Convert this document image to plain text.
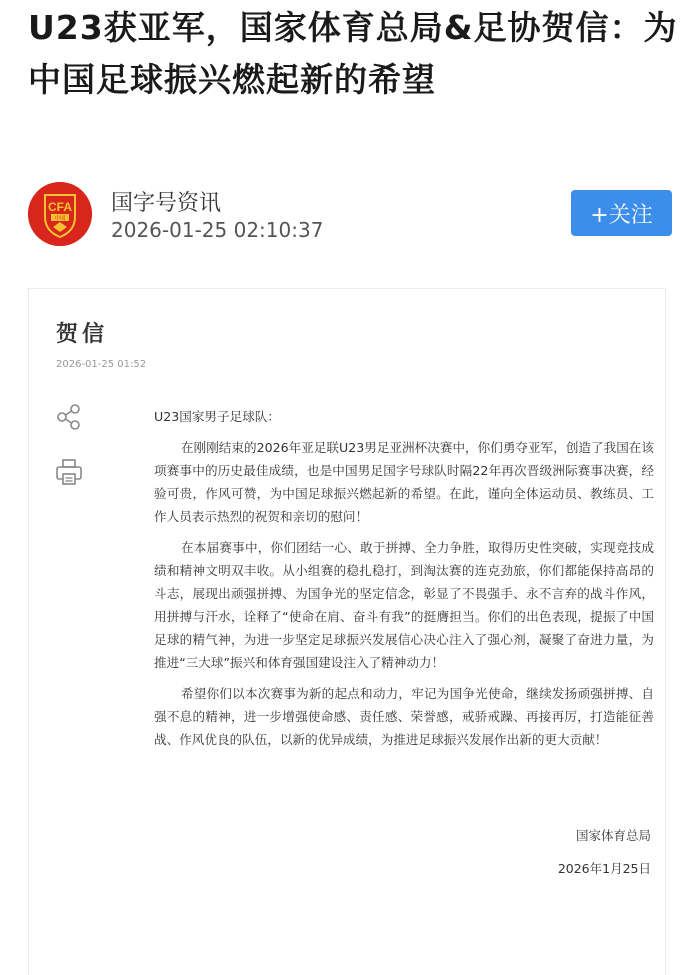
U23获亚军，国家体育总局&足协贺信：为中国足球振兴燃起新的希望
CFA
中国
国字号资讯
2026-01-25 02:10:37
+关注
贺信
2026-01-25 01:52

U23国家男子足球队：

在刚刚结束的2026年亚足联U23男足亚洲杯决赛中，你们勇夺亚军，创造了我国在该项赛事中的历史最佳成绩，也是中国男足国字号球队时隔22年再次晋级洲际赛事决赛，经验可贵，作风可赞，为中国足球振兴燃起新的希望。在此，谨向全体运动员、教练员、工作人员表示热烈的祝贺和亲切的慰问！

在本届赛事中，你们团结一心、敢于拼搏、全力争胜，取得历史性突破，实现竞技成绩和精神文明双丰收。从小组赛的稳扎稳打，到淘汰赛的连克劲旅，你们都能保持高昂的斗志，展现出顽强拼搏、为国争光的坚定信念，彰显了不畏强手、永不言弃的战斗作风，用拼搏与汗水，诠释了“使命在肩、奋斗有我”的挺膺担当。你们的出色表现，提振了中国足球的精气神，为进一步坚定足球振兴发展信心决心注入了强心剂，凝聚了奋进力量，为推进“三大球”振兴和体育强国建设注入了精神动力！

希望你们以本次赛事为新的起点和动力，牢记为国争光使命，继续发扬顽强拼搏、自强不息的精神，进一步增强使命感、责任感、荣誉感，戒骄戒躁、再接再厉，打造能征善战、作风优良的队伍，以新的优异成绩，为推进足球振兴发展作出新的更大贡献！

国家体育总局
2026年1月25日
